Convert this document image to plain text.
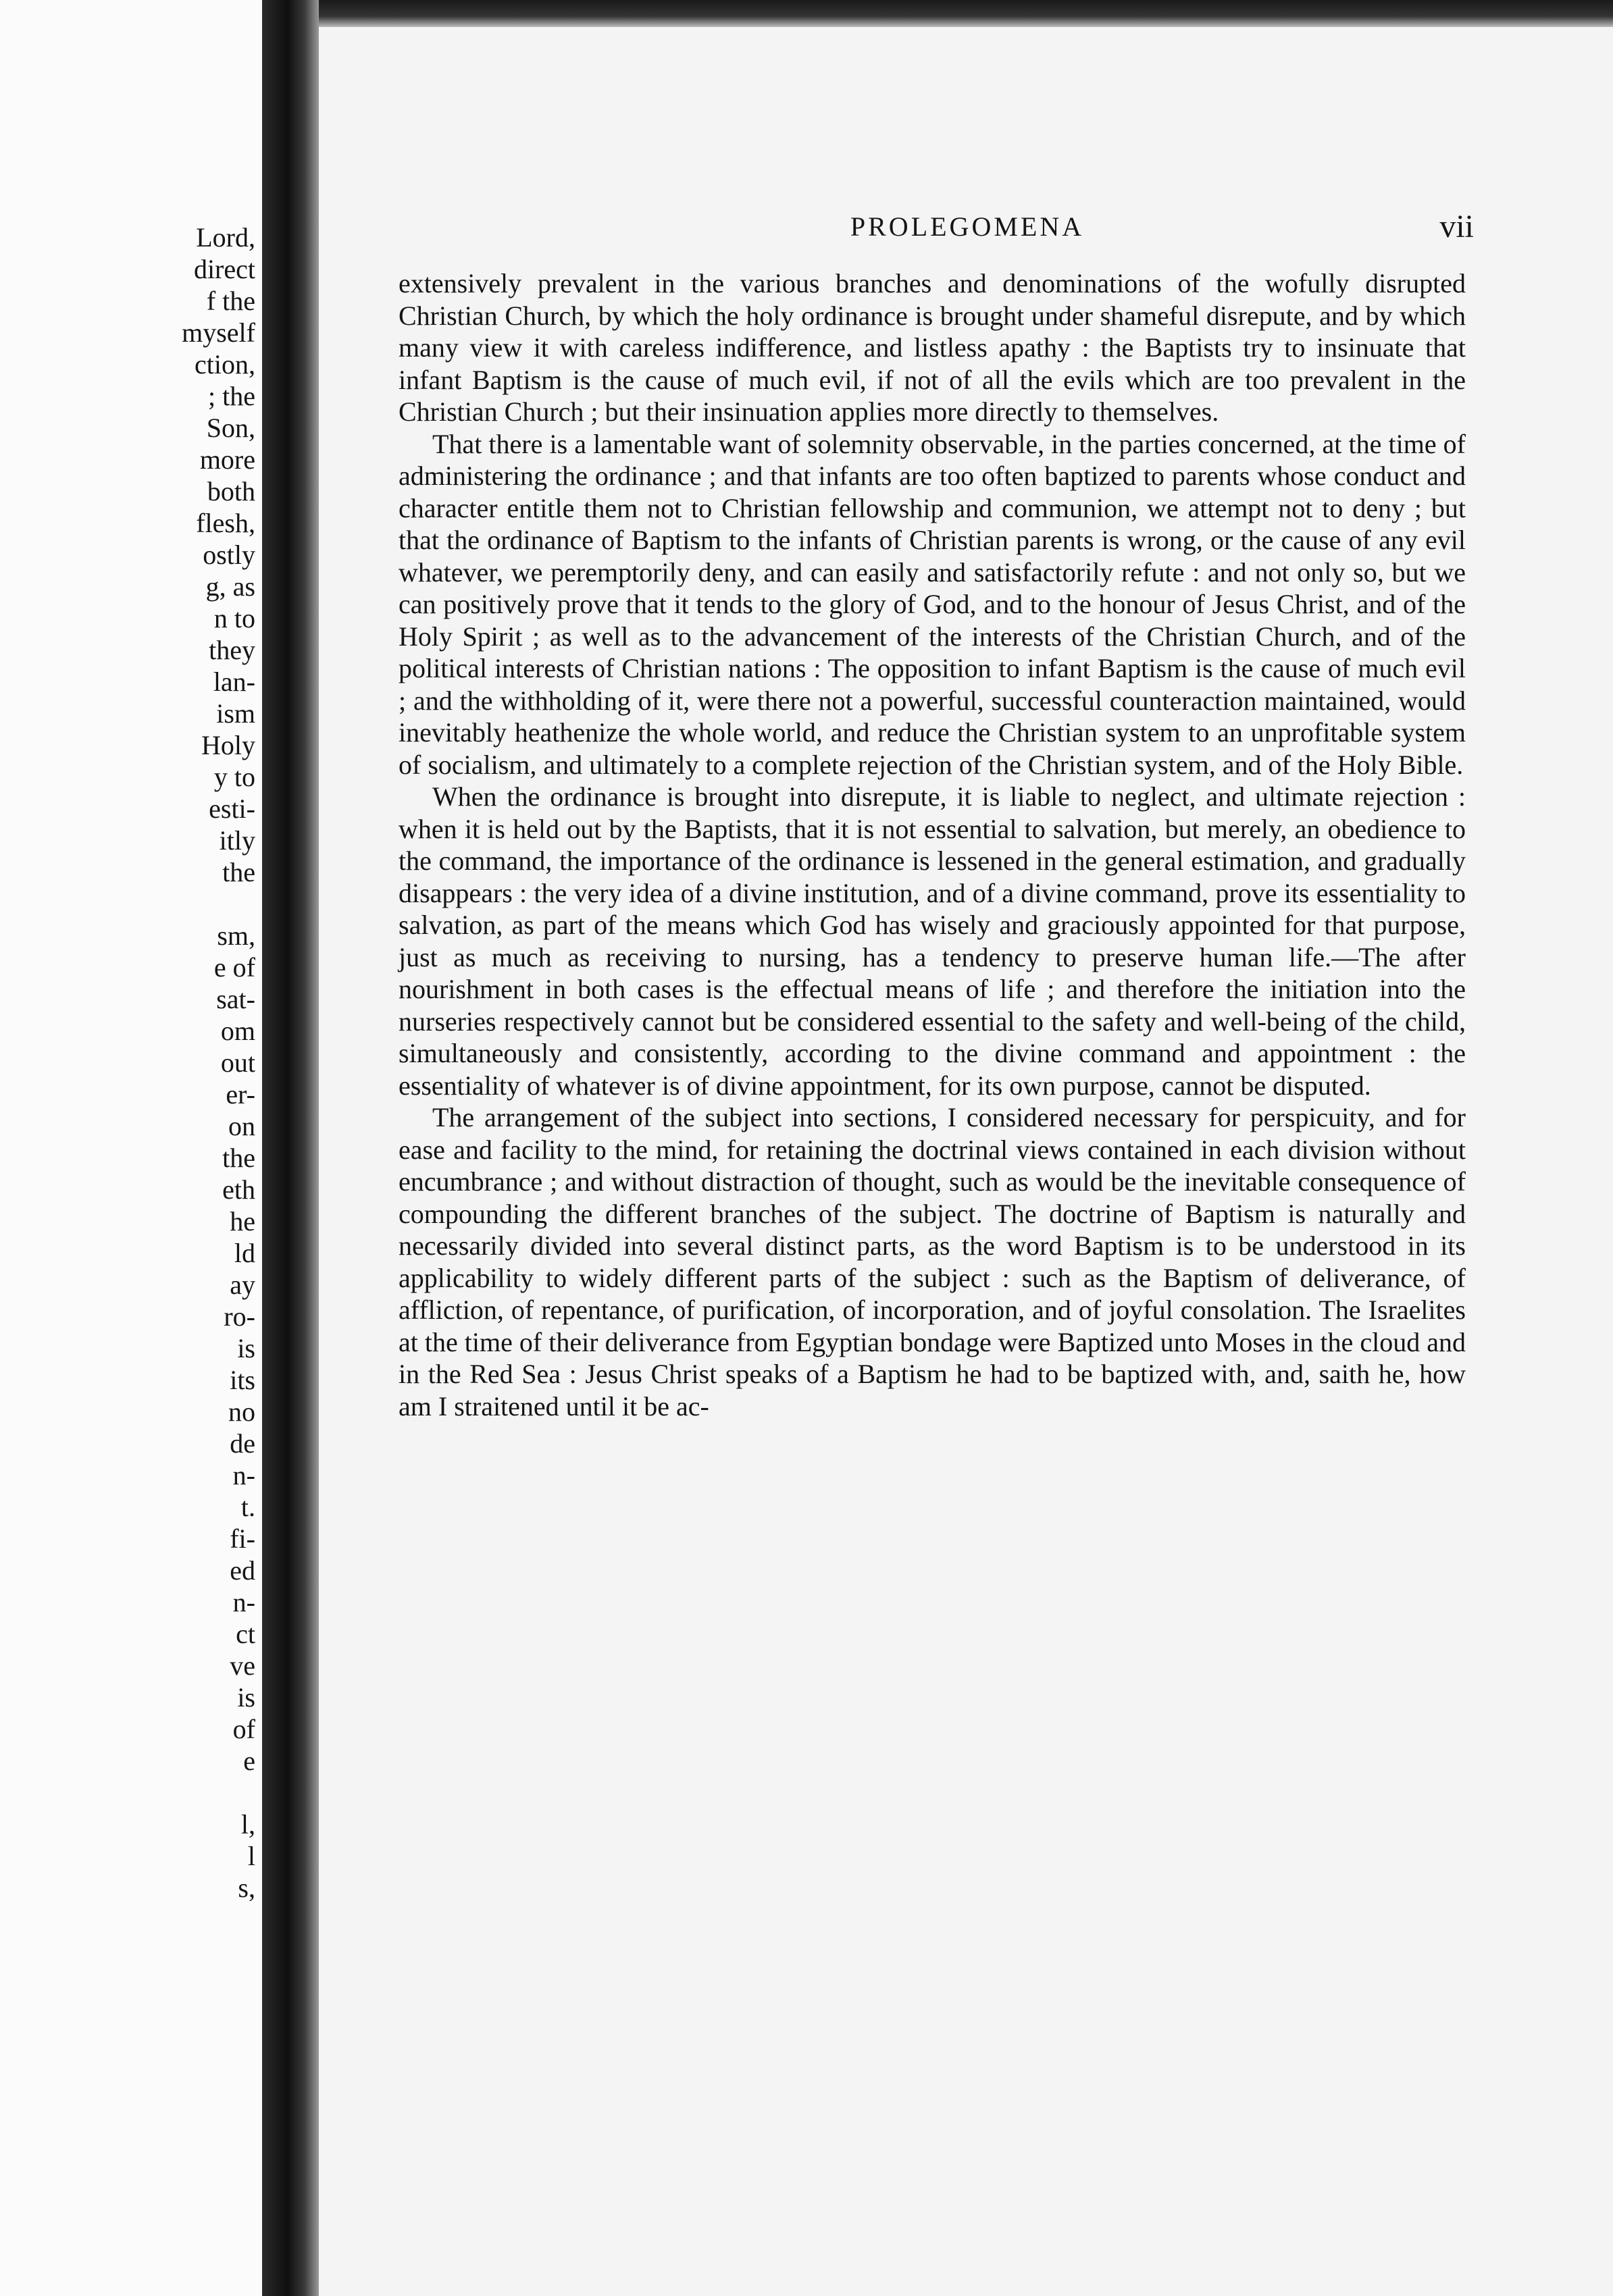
Lord,
direct
f the
myself
ction,
; the
Son,
more
both
flesh,
ostly
g, as
n to
they
lan-
ism
Holy
y to
esti-
itly
the
sm,
e of
sat-
om
out
er-
on
the
eth
he
ld
ay
ro-
is
its
no
de
n-
t.
fi-
ed
n-
ct
ve
is
of
e
l,
l
s,
PROLEGOMENA	vii

extensively prevalent in the various branches and denominations of the wofully disrupted Christian Church, by which the holy ordinance is brought under shameful disrepute, and by which many view it with careless indifference, and listless apathy : the Baptists try to insinuate that infant Baptism is the cause of much evil, if not of all the evils which are too prevalent in the Christian Church ; but their insinuation applies more directly to themselves.

That there is a lamentable want of solemnity observable, in the parties concerned, at the time of administering the ordinance ; and that infants are too often baptized to parents whose conduct and character entitle them not to Christian fellowship and communion, we attempt not to deny ; but that the ordinance of Baptism to the infants of Christian parents is wrong, or the cause of any evil whatever, we peremptorily deny, and can easily and satisfactorily refute : and not only so, but we can positively prove that it tends to the glory of God, and to the honour of Jesus Christ, and of the Holy Spirit ; as well as to the advancement of the interests of the Christian Church, and of the political interests of Christian nations : The opposition to infant Baptism is the cause of much evil ; and the withholding of it, were there not a powerful, successful counteraction maintained, would inevitably heathenize the whole world, and reduce the Christian system to an unprofitable system of socialism, and ultimately to a complete rejection of the Christian system, and of the Holy Bible.

When the ordinance is brought into disrepute, it is liable to neglect, and ultimate rejection : when it is held out by the Baptists, that it is not essential to salvation, but merely, an obedience to the command, the importance of the ordinance is lessened in the general estimation, and gradually disappears : the very idea of a divine institution, and of a divine command, prove its essentiality to salvation, as part of the means which God has wisely and graciously appointed for that purpose, just as much as receiving to nursing, has a tendency to preserve human life.—The after nourishment in both cases is the effectual means of life ; and therefore the initiation into the nurseries respectively cannot but be considered essential to the safety and well-being of the child, simultaneously and consistently, according to the divine command and appointment : the essentiality of whatever is of divine appointment, for its own purpose, cannot be disputed.

The arrangement of the subject into sections, I considered necessary for perspicuity, and for ease and facility to the mind, for retaining the doctrinal views contained in each division without encumbrance ; and without distraction of thought, such as would be the inevitable consequence of compounding the different branches of the subject. The doctrine of Baptism is naturally and necessarily divided into several distinct parts, as the word Baptism is to be understood in its applicability to widely different parts of the subject : such as the Baptism of deliverance, of affliction, of repentance, of purification, of incorporation, and of joyful consolation. The Israelites at the time of their deliverance from Egyptian bondage were Baptized unto Moses in the cloud and in the Red Sea : Jesus Christ speaks of a Baptism he had to be baptized with, and, saith he, how am I straitened until it be ac-
